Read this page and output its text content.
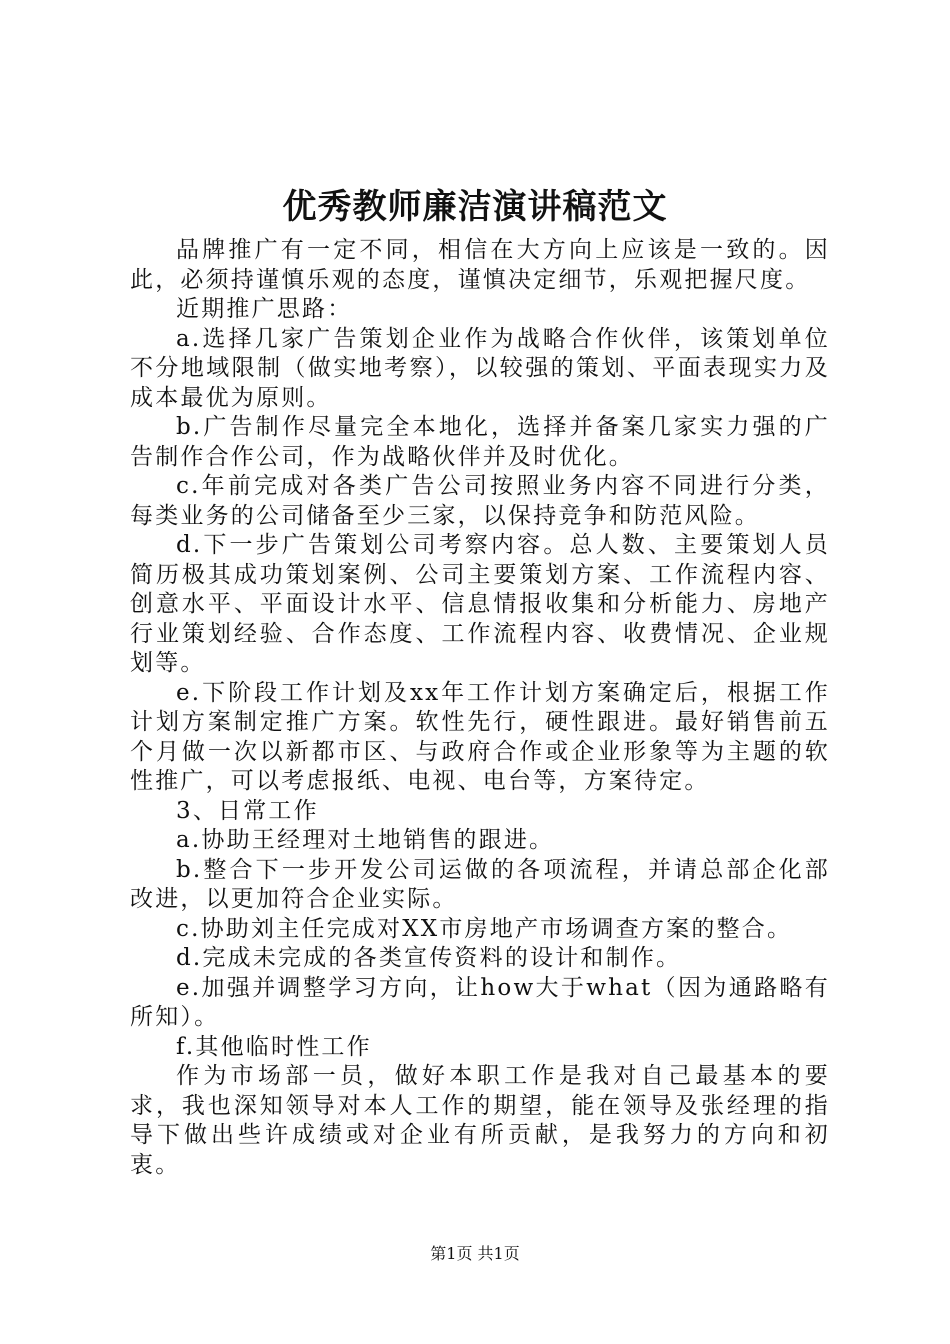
优秀教师廉洁演讲稿范文

品牌推广有一定不同，相信在大方向上应该是一致的。因此，必须持谨慎乐观的态度，谨慎决定细节，乐观把握尺度。

近期推广思路：

a.选择几家广告策划企业作为战略合作伙伴，该策划单位不分地域限制（做实地考察），以较强的策划、平面表现实力及成本最优为原则。

b.广告制作尽量完全本地化，选择并备案几家实力强的广告制作合作公司，作为战略伙伴并及时优化。

c.年前完成对各类广告公司按照业务内容不同进行分类，每类业务的公司储备至少三家，以保持竞争和防范风险。

d.下一步广告策划公司考察内容。总人数、主要策划人员简历极其成功策划案例、公司主要策划方案、工作流程内容、创意水平、平面设计水平、信息情报收集和分析能力、房地产行业策划经验、合作态度、工作流程内容、收费情况、企业规划等。

e.下阶段工作计划及xx年工作计划方案确定后，根据工作计划方案制定推广方案。软性先行，硬性跟进。最好销售前五个月做一次以新都市区、与政府合作或企业形象等为主题的软性推广，可以考虑报纸、电视、电台等，方案待定。

3、日常工作

a.协助王经理对土地销售的跟进。

b.整合下一步开发公司运做的各项流程，并请总部企化部改进，以更加符合企业实际。

c.协助刘主任完成对XX市房地产市场调查方案的整合。

d.完成未完成的各类宣传资料的设计和制作。

e.加强并调整学习方向，让how大于what（因为通路略有所知）。

f.其他临时性工作

作为市场部一员，做好本职工作是我对自己最基本的要求，我也深知领导对本人工作的期望，能在领导及张经理的指导下做出些许成绩或对企业有所贡献，是我努力的方向和初衷。

第1页 共1页
